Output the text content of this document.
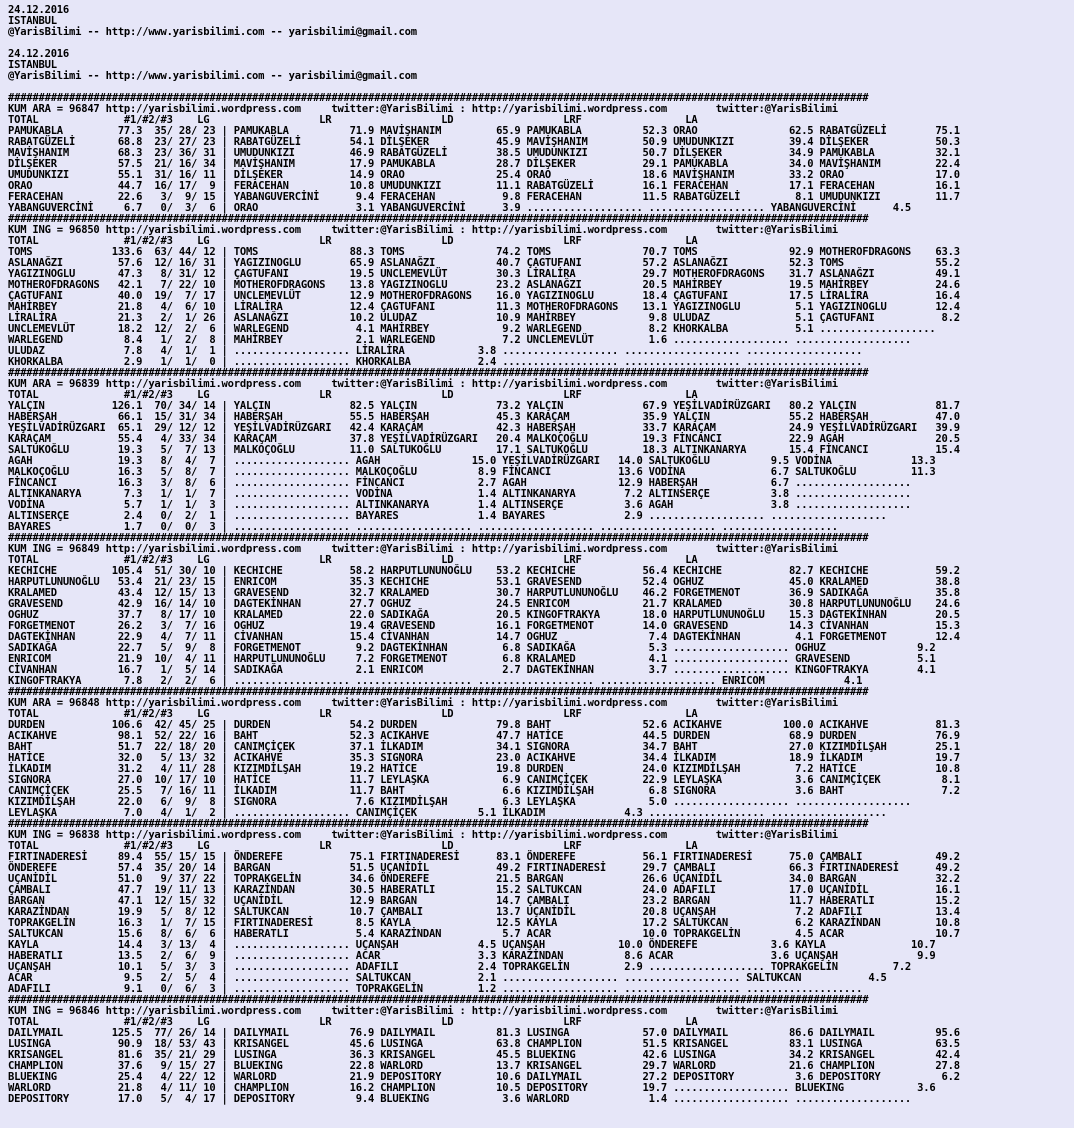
24.12.2016
ISTANBUL
@YarisBilimi -- http://www.yarisbilimi.com -- yarisbilimi@gmail.com

24.12.2016
ISTANBUL
@YarisBilimi -- http://www.yarisbilimi.com -- yarisbilimi@gmail.com

#############################################################################################################################################
KUM ARA = 96847 http://yarisbilimi.wordpress.com     twitter:@YarisBilimi : http://yarisbilimi.wordpress.com        twitter:@YarisBilimi
TOTAL              #1/#2/#3    LG                  LR                  LD                  LRF                 LA
PAMUKABLA         77.3  35/ 28/ 23 | PAMUKABLA          71.9 MAVİŞHANIM         65.9 PAMUKABLA          52.3 ORAO               62.5 RABATGÜZELİ        75.1
RABATGÜZELİ       68.8  23/ 27/ 23 | RABATGÜZELİ        54.1 DİLŞEKER           45.9 MAVİŞHANIM         50.9 UMUDUNKIZI         39.4 DİLŞEKER           50.3
MAVİŞHANIM        68.3  23/ 36/ 31 | UMUDUNKIZI         46.9 RABATGÜZELİ        38.5 UMUDUNKIZI         50.7 DİLŞEKER           34.9 PAMUKABLA          32.1
DİLŞEKER          57.5  21/ 16/ 34 | MAVİŞHANIM         17.9 PAMUKABLA          28.7 DİLŞEKER           29.1 PAMUKABLA          34.0 MAVİŞHANIM         22.4
UMUDUNKIZI        55.1  31/ 16/ 11 | DİLŞEKER           14.9 ORAO               25.4 ORAO               18.6 MAVİŞHANIM         33.2 ORAO               17.0
ORAO              44.7  16/ 17/  9 | FERACEHAN          10.8 UMUDUNKIZI         11.1 RABATGÜZELİ        16.1 FERACEHAN          17.1 FERACEHAN          16.1
FERACEHAN         22.6   3/  9/ 15 | YABANGUVERCİNİ      9.4 FERACEHAN           9.8 FERACEHAN          11.5 RABATGÜZELİ         8.1 UMUDUNKIZI         11.7
YABANGUVERCİNİ     6.7   0/  3/  6 | ORAO                3.1 YABANGUVERCİNİ      3.9 ................... ................... YABANGUVERCİNİ      4.5
#############################################################################################################################################
KUM ING = 96850 http://yarisbilimi.wordpress.com     twitter:@YarisBilimi : http://yarisbilimi.wordpress.com        twitter:@YarisBilimi
TOTAL              #1/#2/#3    LG                  LR                  LD                  LRF                 LA
TOMS             133.6  63/ 44/ 12 | TOMS               88.3 TOMS               74.2 TOMS               70.7 TOMS               92.9 MOTHEROFDRAGONS    63.3
ASLANAĞZI         57.6  12/ 16/ 31 | YAGIZINOGLU        65.9 ASLANAĞZI          40.7 ÇAGTUFANI          57.2 ASLANAĞZI          52.3 TOMS               55.2
YAGIZINOGLU       47.3   8/ 31/ 12 | ÇAGTUFANI          19.5 UNCLEMEVLÜT        30.3 LİRALİRA           29.7 MOTHEROFDRAGONS    31.7 ASLANAĞZI          49.1
MOTHEROFDRAGONS   42.1   7/ 22/ 10 | MOTHEROFDRAGONS    13.8 YAGIZINOGLU        23.2 ASLANAĞZI          20.5 MAHİRBEY           19.5 MAHİRBEY           24.6
ÇAGTUFANI         40.0  19/  7/ 17 | UNCLEMEVLÜT        12.9 MOTHEROFDRAGONS    16.0 YAGIZINOGLU        18.4 ÇAGTUFANI          17.5 LİRALİRA           16.4
MAHİRBEY          21.8   4/  6/ 10 | LİRALİRA           12.4 ÇAGTUFANI          11.3 MOTHEROFDRAGONS    13.1 YAGIZINOGLU         5.1 YAGIZINOGLU        12.4
LİRALİRA          21.3   2/  1/ 26 | ASLANAĞZI          10.2 ULUDAZ             10.9 MAHİRBEY            9.8 ULUDAZ              5.1 ÇAGTUFANI           8.2
UNCLEMEVLÜT       18.2  12/  2/  6 | WARLEGEND           4.1 MAHİRBEY            9.2 WARLEGEND           8.2 KHORKALBA           5.1 ...................
WARLEGEND          8.4   1/  2/  8 | MAHİRBEY            2.1 WARLEGEND           7.2 UNCLEMEVLÜT         1.6 ................... ...................
ULUDAZ             7.8   4/  1/  1 | ................... LİRALİRA            3.8 ................... ................... ...................
KHORKALBA          2.9   1/  1/  0 | ................... KHORKALBA           2.4 ................... ................... ...................
#############################################################################################################################################
KUM ARA = 96839 http://yarisbilimi.wordpress.com     twitter:@YarisBilimi : http://yarisbilimi.wordpress.com        twitter:@YarisBilimi
TOTAL              #1/#2/#3    LG                  LR                  LD                  LRF                 LA
YALÇIN           126.1  70/ 34/ 14 | YALÇIN             82.5 YALÇIN             73.2 YALÇIN             67.9 YEŞİLVADİRÜZGARI   80.2 YALÇIN             81.7
HABERŞAH          66.1  15/ 31/ 34 | HABERŞAH           55.5 HABERŞAH           45.3 KARAÇAM            35.9 YALÇIN             55.2 HABERŞAH           47.0
YEŞİLVADİRÜZGARI  65.1  29/ 12/ 12 | YEŞİLVADİRÜZGARI   42.4 KARAÇAM            42.3 HABERŞAH           33.7 KARAÇAM            24.9 YEŞİLVADİRÜZGARI   39.9
KARAÇAM           55.4   4/ 33/ 34 | KARAÇAM            37.8 YEŞİLVADİRÜZGARI   20.4 MALKOÇOĞLU         19.3 FİNCANCI           22.9 AGAH               20.5
SALTUKOĞLU        19.3   5/  7/ 13 | MALKOÇOĞLU         11.0 SALTUKOĞLU         17.1 SALTUKOĞLU         18.3 ALTINKANARYA       15.4 FİNCANCI           15.4
AGAH              19.3   8/  4/  7 | ................... AGAH               15.0 YEŞİLVADİRÜZGARI   14.0 SALTUKOĞLU          9.5 VODİNA             13.3
MALKOÇOĞLU        16.3   5/  8/  7 | ................... MALKOÇOĞLU          8.9 FİNCANCI           13.6 VODİNA              6.7 SALTUKOĞLU         11.3
FİNCANCI          16.3   3/  8/  6 | ................... FİNCANCI            2.7 AGAH               12.9 HABERŞAH            6.7 ...................
ALTINKANARYA       7.3   1/  1/  7 | ................... VODİNA              1.4 ALTINKANARYA        7.2 ALTINSERÇE          3.8 ...................
VODİNA             5.7   1/  1/  3 | ................... ALTINKANARYA        1.4 ALTINSERÇE          3.6 AGAH                3.8 ...................
ALTINSERÇE         2.4   0/  2/  1 | ................... BAYARES             1.4 BAYARES             2.9 ................... ...................
BAYARES            1.7   0/  0/  3 | ................... ................... ................... ................... ...................
#############################################################################################################################################
KUM ING = 96849 http://yarisbilimi.wordpress.com     twitter:@YarisBilimi : http://yarisbilimi.wordpress.com        twitter:@YarisBilimi
TOTAL              #1/#2/#3    LG                  LR                  LD                  LRF                 LA
KECHICHE         105.4  51/ 30/ 10 | KECHICHE           58.2 HARPUTLUNUNOĞLU    53.2 KECHICHE           56.4 KECHICHE           82.7 KECHICHE           59.2
HARPUTLUNUNOĞLU   53.4  21/ 23/ 15 | ENRICOM            35.3 KECHICHE           53.1 GRAVESEND          52.4 OGHUZ              45.0 KRALAMED           38.8
KRALAMED          43.4  12/ 15/ 13 | GRAVESEND          32.7 KRALAMED           30.7 HARPUTLUNUNOĞLU    46.2 FORGETMENOT        36.9 SADIKAĞA           35.8
GRAVESEND         42.9  16/ 14/ 10 | DAGTEKİNHAN        27.7 OGHUZ              24.5 ENRICOM            21.7 KRALAMED           30.8 HARPUTLUNUNOĞLU    24.6
OGHUZ             37.7   8/ 17/ 10 | KRALAMED           22.0 SADIKAĞA           20.5 KINGOFTRAKYA       18.0 HARPUTLUNUNOĞLU    15.3 DAGTEKİNHAN        20.5
FORGETMENOT       26.2   3/  7/ 16 | OGHUZ              19.4 GRAVESEND          16.1 FORGETMENOT        14.0 GRAVESEND          14.3 CİVANHAN           15.3
DAGTEKİNHAN       22.9   4/  7/ 11 | CİVANHAN           15.4 CİVANHAN           14.7 OGHUZ               7.4 DAGTEKİNHAN         4.1 FORGETMENOT        12.4
SADIKAĞA          22.7   5/  9/  8 | FORGETMENOT         9.2 DAGTEKİNHAN         6.8 SADIKAĞA            5.3 ................... OGHUZ               9.2
ENRICOM           21.9  10/  4/ 11 | HARPUTLUNUNOĞLU     7.2 FORGETMENOT         6.8 KRALAMED            4.1 ................... GRAVESEND           5.1
CİVANHAN          16.7   1/  5/ 14 | SADIKAĞA            2.1 ENRICOM             2.7 DAGTEKİNHAN         3.7 ................... KINGOFTRAKYA        4.1
KINGOFTRAKYA       7.8   2/  2/  6 | ................... ................... ................... ................... ENRICOM             4.1
#############################################################################################################################################
KUM ARA = 96848 http://yarisbilimi.wordpress.com     twitter:@YarisBilimi : http://yarisbilimi.wordpress.com        twitter:@YarisBilimi
TOTAL              #1/#2/#3    LG                  LR                  LD                  LRF                 LA
DURDEN           106.6  42/ 45/ 25 | DURDEN             54.2 DURDEN             79.8 BAHT               52.6 ACIKAHVE          100.0 ACIKAHVE           81.3
ACIKAHVE          98.1  52/ 22/ 16 | BAHT               52.3 ACIKAHVE           47.7 HATİCE             44.5 DURDEN             68.9 DURDEN             76.9
BAHT              51.7  22/ 18/ 20 | CANIMÇİÇEK         37.1 İLKADIM            34.1 SIGNORA            34.7 BAHT               27.0 KIZIMDİLŞAH        25.1
HATİCE            32.0   5/ 13/ 32 | ACIKAHVE           35.3 SIGNORA            23.0 ACIKAHVE           34.4 İLKADIM            18.9 İLKADIM            19.7
İLKADIM           31.2   4/ 11/ 28 | KIZIMDİLŞAH        19.2 HATİCE             19.8 DURDEN             24.0 KIZIMDİLŞAH         7.2 HATİCE             10.8
SIGNORA           27.0  10/ 17/ 10 | HATİCE             11.7 LEYLAŞKA            6.9 CANIMÇİÇEK         22.9 LEYLAŞKA            3.6 CANIMÇİÇEK          8.1
CANIMÇİÇEK        25.5   7/ 16/ 11 | İLKADIM            11.7 BAHT                6.6 KIZIMDİLŞAH         6.8 SIGNORA             3.6 BAHT                7.2
KIZIMDİLŞAH       22.0   6/  9/  8 | SIGNORA             7.6 KIZIMDİLŞAH         6.3 LEYLAŞKA            5.0 ................... ...................
LEYLAŞKA           7.0   4/  1/  2 | ................... CANIMÇİÇEK          5.1 İLKADIM             4.3 ................... ...................
#############################################################################################################################################
KUM ING = 96838 http://yarisbilimi.wordpress.com     twitter:@YarisBilimi : http://yarisbilimi.wordpress.com        twitter:@YarisBilimi
TOTAL              #1/#2/#3    LG                  LR                  LD                  LRF                 LA
FIRTINADERESİ     89.4  55/ 15/ 15 | ÖNDEREFE           75.1 FIRTINADERESİ      83.1 ÖNDEREFE           56.1 FIRTINADERESİ      75.0 ÇAMBALI            49.2
ÖNDEREFE          57.4  35/ 20/ 14 | BARGAN             51.5 UÇANİDİL           49.2 FIRTINADERESİ      29.7 ÇAMBALI            66.3 FIRTINADERESİ      49.2
UÇANİDİL          51.0   9/ 37/ 22 | TOPRAKGELİN        34.6 ÖNDEREFE           21.5 BARGAN             26.6 UÇANİDİL           34.0 BARGAN             32.2
ÇAMBALI           47.7  19/ 11/ 13 | KARAZİNDAN         30.5 HABERATLI          15.2 SALTUKCAN          24.0 ADAFILI            17.0 UÇANİDİL           16.1
BARGAN            47.1  12/ 15/ 32 | UÇANİDİL           12.9 BARGAN             14.7 ÇAMBALI            23.2 BARGAN             11.7 HABERATLI          15.2
KARAZİNDAN        19.9   5/  8/ 12 | SALTUKCAN          10.7 ÇAMBALI            13.7 UÇANİDİL           20.8 UÇANŞAH             7.2 ADAFILI            13.4
TOPRAKGELİN       16.3   1/  7/ 15 | FIRTINADERESİ       8.5 KAYLA              12.5 KAYLA              17.2 SALTUKCAN           6.2 KARAZİNDAN         10.8
SALTUKCAN         15.6   8/  6/  6 | HABERATLI           5.4 KARAZİNDAN          5.7 ACAR               10.0 TOPRAKGELİN         4.5 ACAR               10.7
KAYLA             14.4   3/ 13/  4 | ................... UÇANŞAH             4.5 UÇANŞAH            10.0 ÖNDEREFE            3.6 KAYLA              10.7
HABERATLI         13.5   2/  6/  9 | ................... ACAR                3.3 KARAZİNDAN          8.6 ACAR                3.6 UÇANŞAH             9.9
UÇANŞAH           10.1   5/  3/  3 | ................... ADAFILI             2.4 TOPRAKGELİN         2.9 ................... TOPRAKGELİN         7.2
ACAR               9.5   2/  5/  4 | ................... SALTUKCAN           2.1 ................... ................... SALTUKCAN           4.5
ADAFILI            9.1   0/  6/  3 | ................... TOPRAKGELİN         1.2 ................... ................... ...................
#############################################################################################################################################
KUM ING = 96846 http://yarisbilimi.wordpress.com     twitter:@YarisBilimi : http://yarisbilimi.wordpress.com        twitter:@YarisBilimi
TOTAL              #1/#2/#3    LG                  LR                  LD                  LRF                 LA
DAILYMAIL        125.5  77/ 26/ 14 | DAILYMAIL          76.9 DAILYMAIL          81.3 LUSINGA            57.0 DAILYMAIL          86.6 DAILYMAIL          95.6
LUSINGA           90.9  18/ 53/ 43 | KRISANGEL          45.6 LUSINGA            63.8 CHAMPLION          51.5 KRISANGEL          83.1 LUSINGA            63.5
KRISANGEL         81.6  35/ 21/ 29 | LUSINGA            36.3 KRISANGEL          45.5 BLUEKING           42.6 LUSINGA            34.2 KRISANGEL          42.4
CHAMPLION         37.6   9/ 15/ 27 | BLUEKING           22.8 WARLORD            13.7 KRISANGEL          29.7 WARLORD            21.6 CHAMPLION          27.8
BLUEKING          25.4   4/ 22/ 12 | WARLORD            21.9 DEPOSITORY         10.6 DAILYMAIL          27.2 DEPOSITORY          3.6 DEPOSITORY          6.2
WARLORD           21.8   4/ 11/ 10 | CHAMPLION          16.2 CHAMPLION          10.5 DEPOSITORY         19.7 ................... BLUEKING            3.6
DEPOSITORY        17.0   5/  4/ 17 | DEPOSITORY          9.4 BLUEKING            3.6 WARLORD             1.4 ................... ...................
